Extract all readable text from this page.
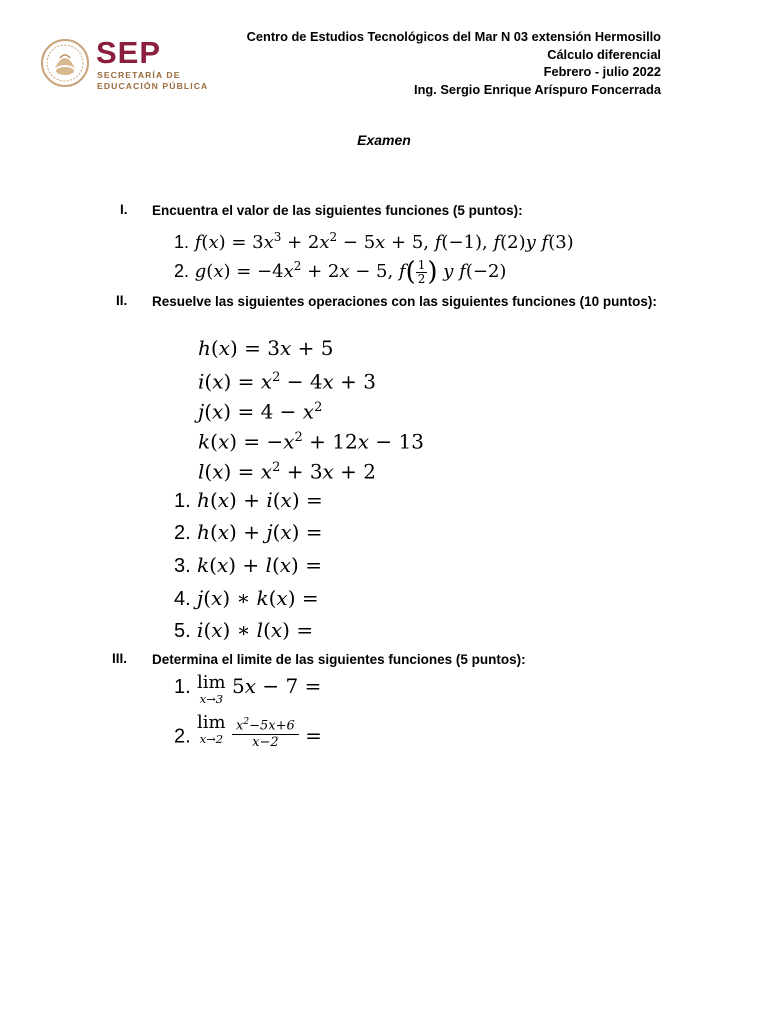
SEP
SECRETARÍA DE
EDUCACIÓN PÚBLICA
Centro de Estudios Tecnológicos del Mar N 03 extensión Hermosillo
Cálculo diferencial
Febrero - julio 2022
Ing. Sergio Enrique Aríspuro Foncerrada
Examen
I. Encuentra el valor de las siguientes funciones (5 puntos):
1. $f(x) = 3x^3 + 2x^2 - 5x + 5$, f(−1), f(2)y f(3)
2. $g(x) = -4x^2 + 2x - 5$, $f( \frac{1}{2}$ ) y f(−2)
II. Resuelve las siguientes operaciones con las siguientes funciones (10 puntos):
h(x) = 3x + 5
$i(x) = x^2 - 4x + 3$
$j(x) = 4 - x^2$
$k(x) = -x^2 + 12x - 13$
$l(x) = x^2 + 3x + 2$
1. h(x) + i(x) =
2. h(x) + j(x) =
3. k(x) + l(x) =
4. j(x) ∗ k(x) =
5. i(x) ∗ l(x) =
III. Determina el limite de las siguientes funciones (5 puntos):
1. lim
x→3
5x − 7 =
2.
lim
x→2
$\frac{x^2-5x+6}{x-2}$ =
